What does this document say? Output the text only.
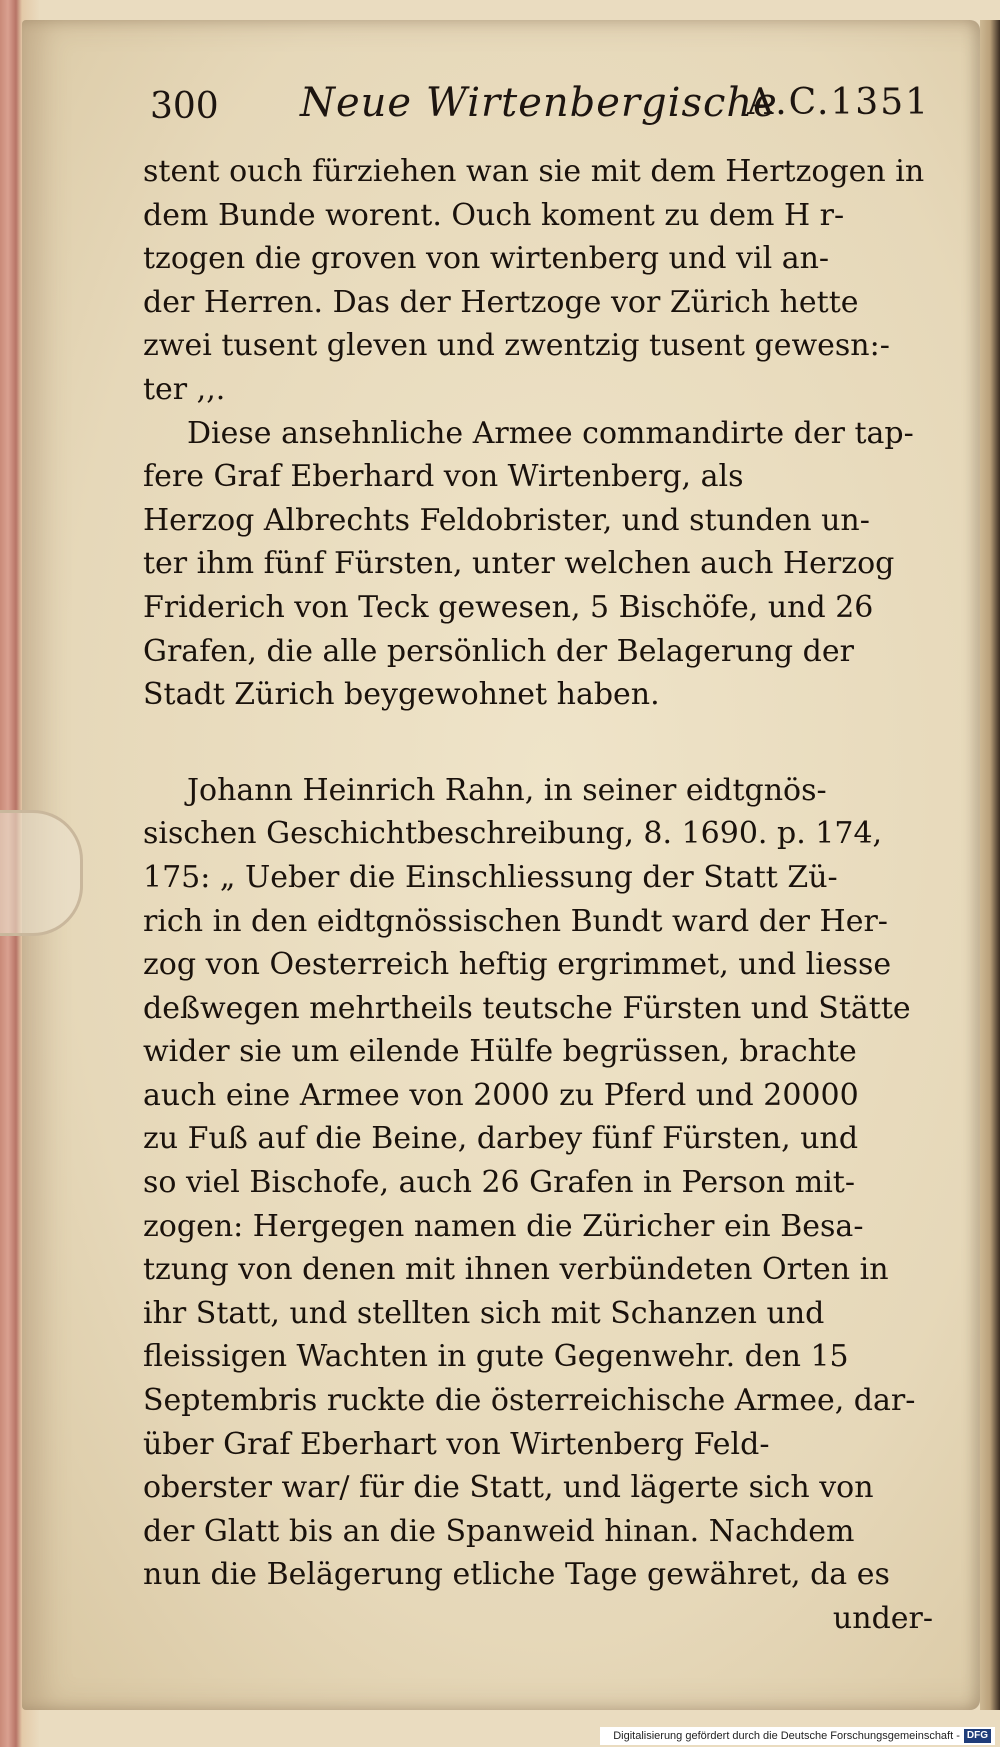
300 Neue Wirtenbergische
A.C.1351
stent ouch fürziehen wan sie mit dem Hertzogen in
dem Bunde worent. Ouch koment zu dem H r-
tzogen die groven von wirtenberg und vil an-
der Herren. Das der Hertzoge vor Zürich hette
zwei tusent gleven und zwentzig tusent gewesn:-
ter ,,.
Diese ansehnliche Armee commandirte der tap-
fere Graf Eberhard von Wirtenberg, als
Herzog Albrechts Feldobrister, und stunden un-
ter ihm fünf Fürsten, unter welchen auch Herzog
Friderich von Teck gewesen, 5 Bischöfe, und 26
Grafen, die alle persönlich der Belagerung der
Stadt Zürich beygewohnet haben.
Johann Heinrich Rahn, in seiner eidtgnös-
sischen Geschichtbeschreibung, 8. 1690. p. 174,
175: „ Ueber die Einschliessung der Statt Zü-
rich in den eidtgnössischen Bundt ward der Her-
zog von Oesterreich heftig ergrimmet, und liesse
deßwegen mehrtheils teutsche Fürsten und Stätte
wider sie um eilende Hülfe begrüssen, brachte
auch eine Armee von 2000 zu Pferd und 20000
zu Fuß auf die Beine, darbey fünf Fürsten, und
so viel Bischofe, auch 26 Grafen in Person mit-
zogen: Hergegen namen die Züricher ein Besa-
tzung von denen mit ihnen verbündeten Orten in
ihr Statt, und stellten sich mit Schanzen und
fleissigen Wachten in gute Gegenwehr. den 15
Septembris ruckte die österreichische Armee, dar-
über Graf Eberhart von Wirtenberg Feld-
oberster war/ für die Statt, und lägerte sich von
der Glatt bis an die Spanweid hinan. Nachdem
nun die Belägerung etliche Tage gewähret, da es
under-
Digitalisierung gefördert durch die Deutsche Forschungsgemeinschaft - DFG
